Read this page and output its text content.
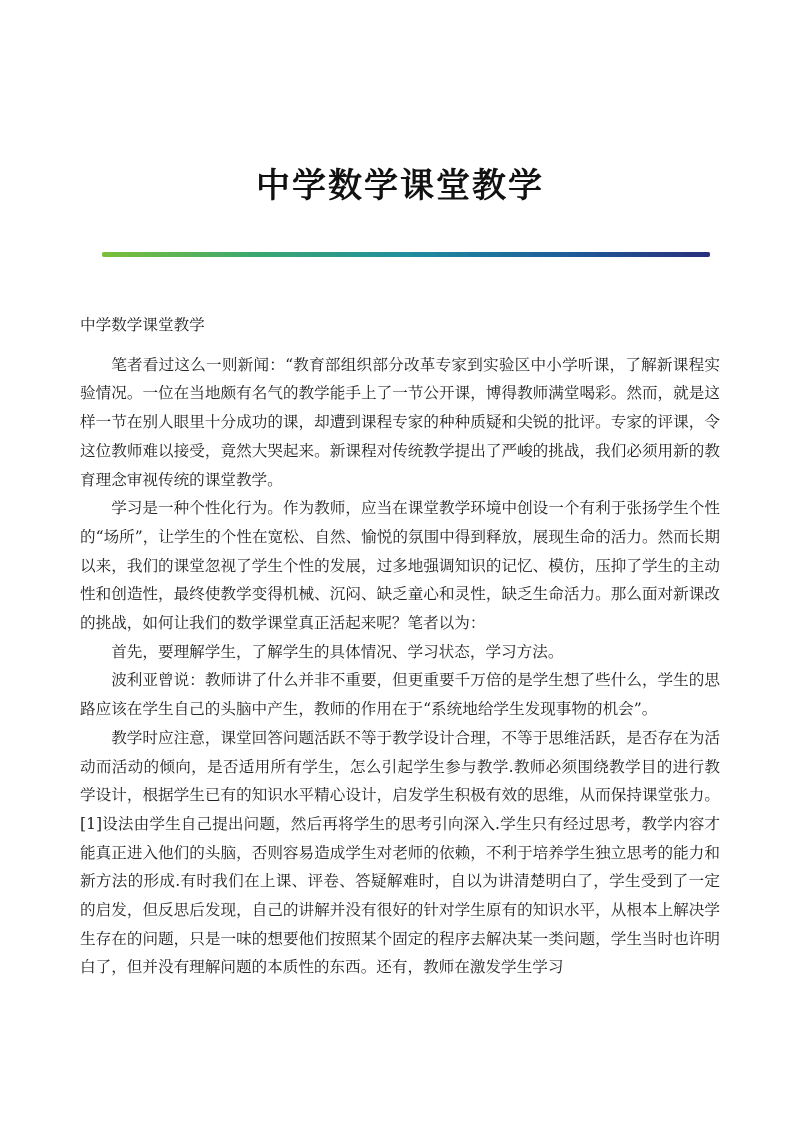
中学数学课堂教学

中学数学课堂教学

笔者看过这么一则新闻：“教育部组织部分改革专家到实验区中小学听课，了解新课程实验情况。一位在当地颇有名气的教学能手上了一节公开课，博得教师满堂喝彩。然而，就是这样一节在别人眼里十分成功的课，却遭到课程专家的种种质疑和尖锐的批评。专家的评课，令这位教师难以接受，竟然大哭起来。新课程对传统教学提出了严峻的挑战，我们必须用新的教育理念审视传统的课堂教学。

学习是一种个性化行为。作为教师，应当在课堂教学环境中创设一个有利于张扬学生个性的“场所”，让学生的个性在宽松、自然、愉悦的氛围中得到释放，展现生命的活力。然而长期以来，我们的课堂忽视了学生个性的发展，过多地强调知识的记忆、模仿，压抑了学生的主动性和创造性，最终使教学变得机械、沉闷、缺乏童心和灵性，缺乏生命活力。那么面对新课改的挑战，如何让我们的数学课堂真正活起来呢？笔者以为：

首先，要理解学生，了解学生的具体情况、学习状态，学习方法。

波利亚曾说：教师讲了什么并非不重要，但更重要千万倍的是学生想了些什么，学生的思路应该在学生自己的头脑中产生，教师的作用在于“系统地给学生发现事物的机会”。

教学时应注意，课堂回答问题活跃不等于教学设计合理，不等于思维活跃，是否存在为活动而活动的倾向，是否适用所有学生，怎么引起学生参与教学.教师必须围绕教学目的进行教学设计，根据学生已有的知识水平精心设计，启发学生积极有效的思维，从而保持课堂张力。[1]设法由学生自己提出问题，然后再将学生的思考引向深入.学生只有经过思考，教学内容才能真正进入他们的头脑，否则容易造成学生对老师的依赖，不利于培养学生独立思考的能力和新方法的形成.有时我们在上课、评卷、答疑解难时，自以为讲清楚明白了，学生受到了一定的启发，但反思后发现，自己的讲解并没有很好的针对学生原有的知识水平，从根本上解决学生存在的问题，只是一味的想要他们按照某个固定的程序去解决某一类问题，学生当时也许明白了，但并没有理解问题的本质性的东西。还有，教师在激发学生学习
